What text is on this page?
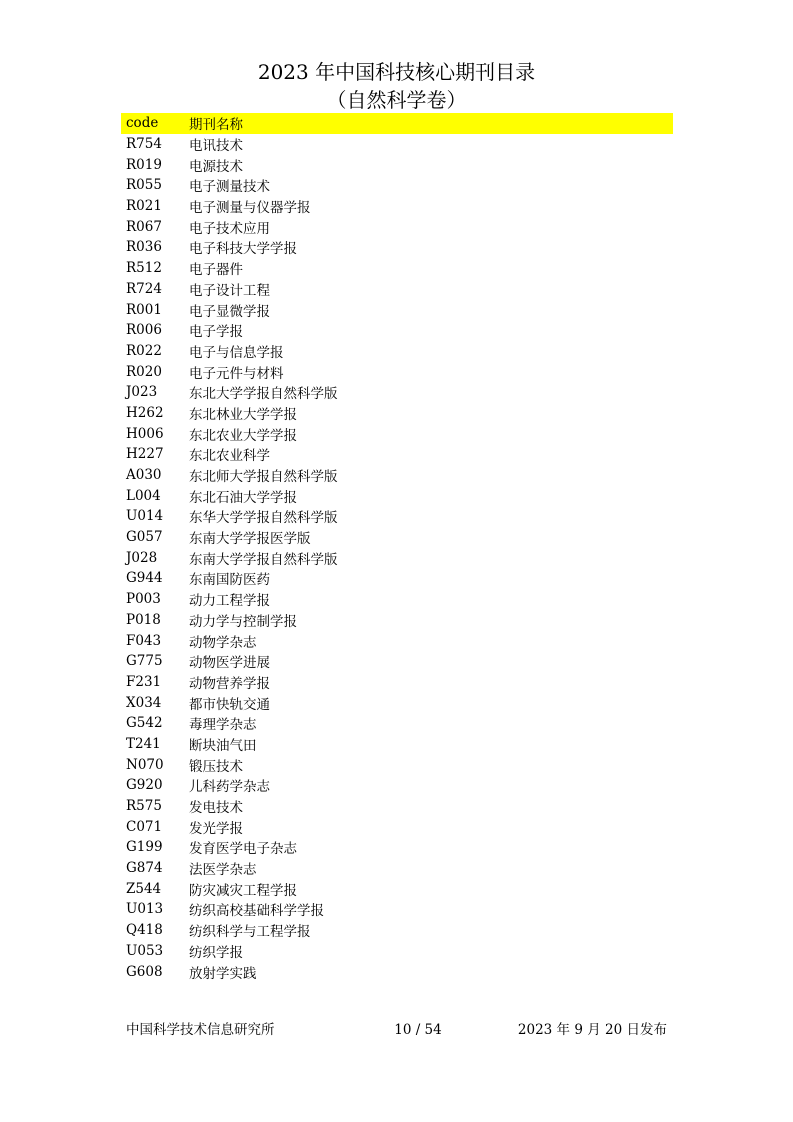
2023 年中国科技核心期刊目录
（自然科学卷）
code	期刊名称
R754	电讯技术
R019	电源技术
R055	电子测量技术
R021	电子测量与仪器学报
R067	电子技术应用
R036	电子科技大学学报
R512	电子器件
R724	电子设计工程
R001	电子显微学报
R006	电子学报
R022	电子与信息学报
R020	电子元件与材料
J023	东北大学学报自然科学版
H262	东北林业大学学报
H006	东北农业大学学报
H227	东北农业科学
A030	东北师大学报自然科学版
L004	东北石油大学学报
U014	东华大学学报自然科学版
G057	东南大学学报医学版
J028	东南大学学报自然科学版
G944	东南国防医药
P003	动力工程学报
P018	动力学与控制学报
F043	动物学杂志
G775	动物医学进展
F231	动物营养学报
X034	都市快轨交通
G542	毒理学杂志
T241	断块油气田
N070	锻压技术
G920	儿科药学杂志
R575	发电技术
C071	发光学报
G199	发育医学电子杂志
G874	法医学杂志
Z544	防灾减灾工程学报
U013	纺织高校基础科学学报
Q418	纺织科学与工程学报
U053	纺织学报
G608	放射学实践
中国科学技术信息研究所	10 / 54	2023 年 9 月 20 日发布
